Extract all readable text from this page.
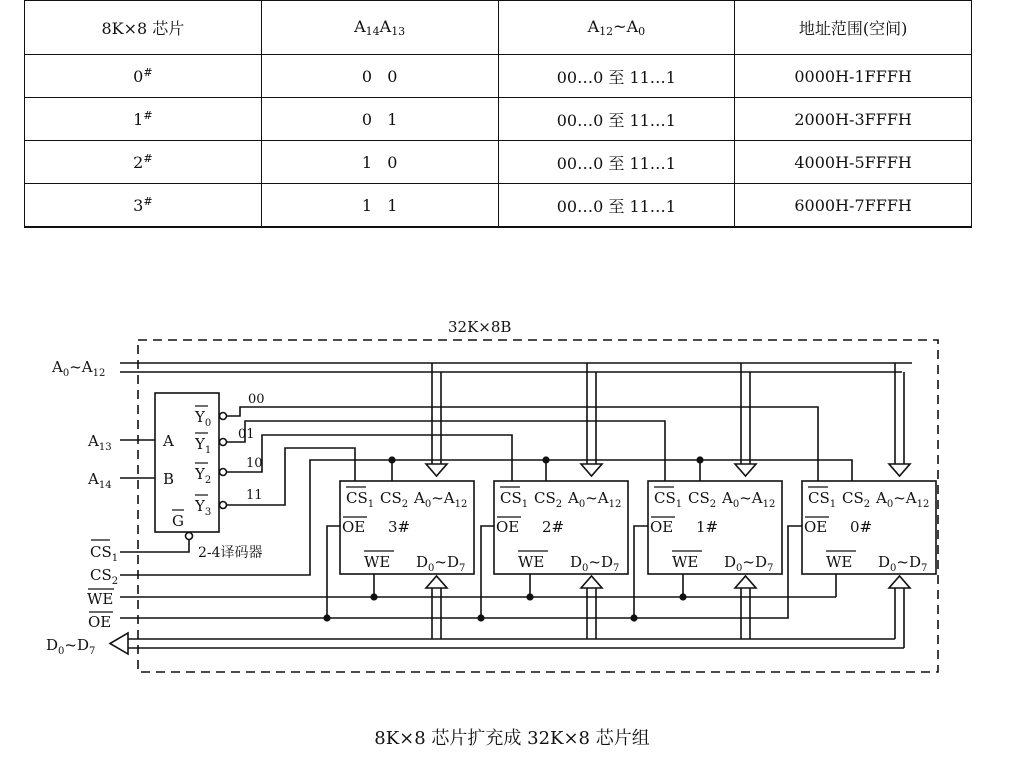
8K×8 芯片	$A_{14}A_{13}$	$A_{12}\sim A_0$	地址范围(空间)
0#	0   0	00…0 至 11…1	0000H-1FFFH
1#	0   1	00…0 至 11…1	2000H-3FFFH
2#	1   0	00…0 至 11…1	4000H-5FFFH
3#	1   1	00…0 至 11…1	6000H-7FFFH
32K×8B
$A_0\sim A_{12}$
$A_{13}$
$A_{14}$
$CS_1$
$CS_2$
WE
OE
$D_0\sim D_7$
A
B
G
$Y_0$
$Y_1$
$Y_2$
$Y_3$
00
01
10
11
2-4译码器
$CS_1$ $CS_2$ $A_0\sim A_{12}$
OE 3#
WE $D_0\sim D_7$
$CS_1$ $CS_2$ $A_0\sim A_{12}$
OE 2#
WE $D_0\sim D_7$
$CS_1$ $CS_2$ $A_0\sim A_{12}$
OE 1#
WE $D_0\sim D_7$
$CS_1$ $CS_2$ $A_0\sim A_{12}$
OE 0#
WE $D_0\sim D_7$
8K×8 芯片扩充成 32K×8 芯片组
